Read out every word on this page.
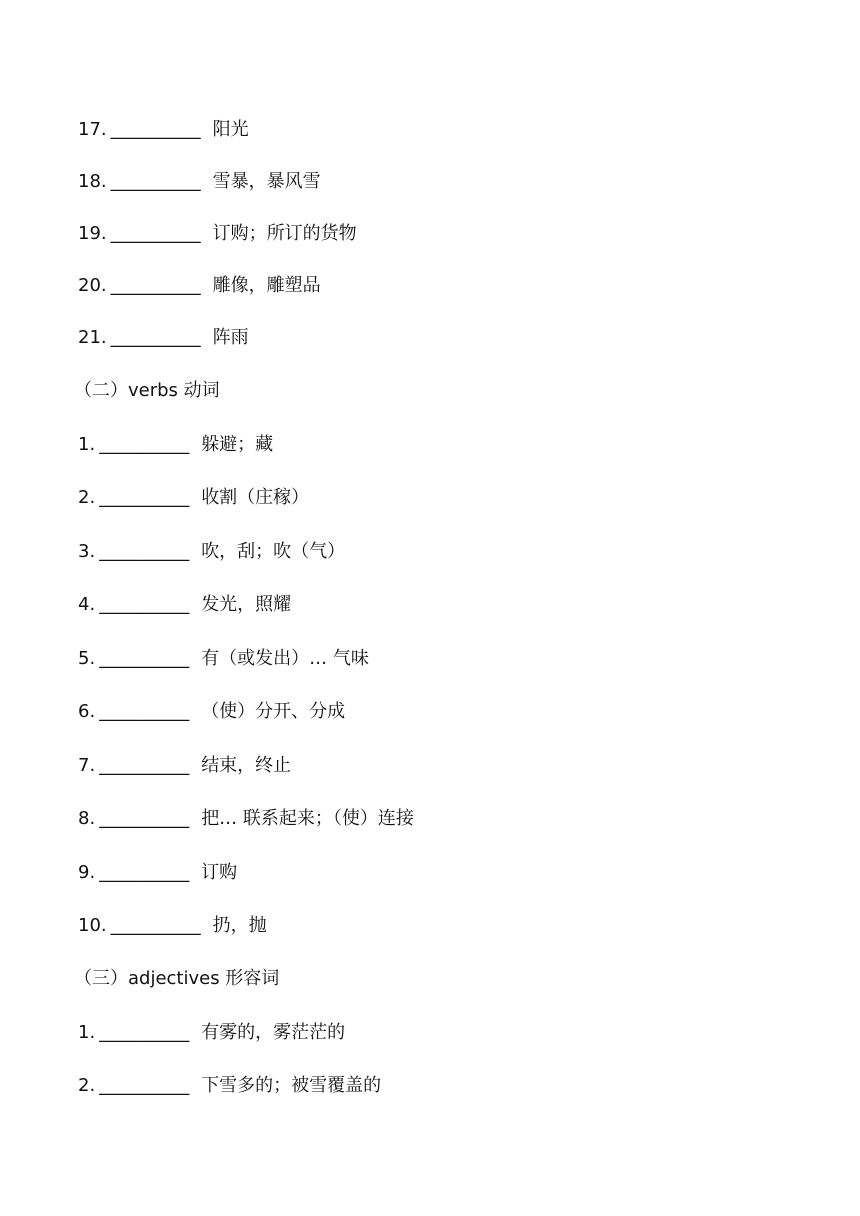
17. __________ 阳光
18. __________ 雪暴，暴风雪
19. __________ 订购；所订的货物
20. __________ 雕像，雕塑品
21. __________ 阵雨
（二）verbs 动词
1. __________ 躲避；藏
2. __________ 收割（庄稼）
3. __________ 吹，刮；吹（气）
4. __________ 发光，照耀
5. __________ 有（或发出）… 气味
6. __________ （使）分开、分成
7. __________ 结束，终止
8. __________ 把… 联系起来；（使）连接
9. __________ 订购
10. __________ 扔，抛
（三）adjectives 形容词
1. __________ 有雾的，雾茫茫的
2. __________ 下雪多的；被雪覆盖的
